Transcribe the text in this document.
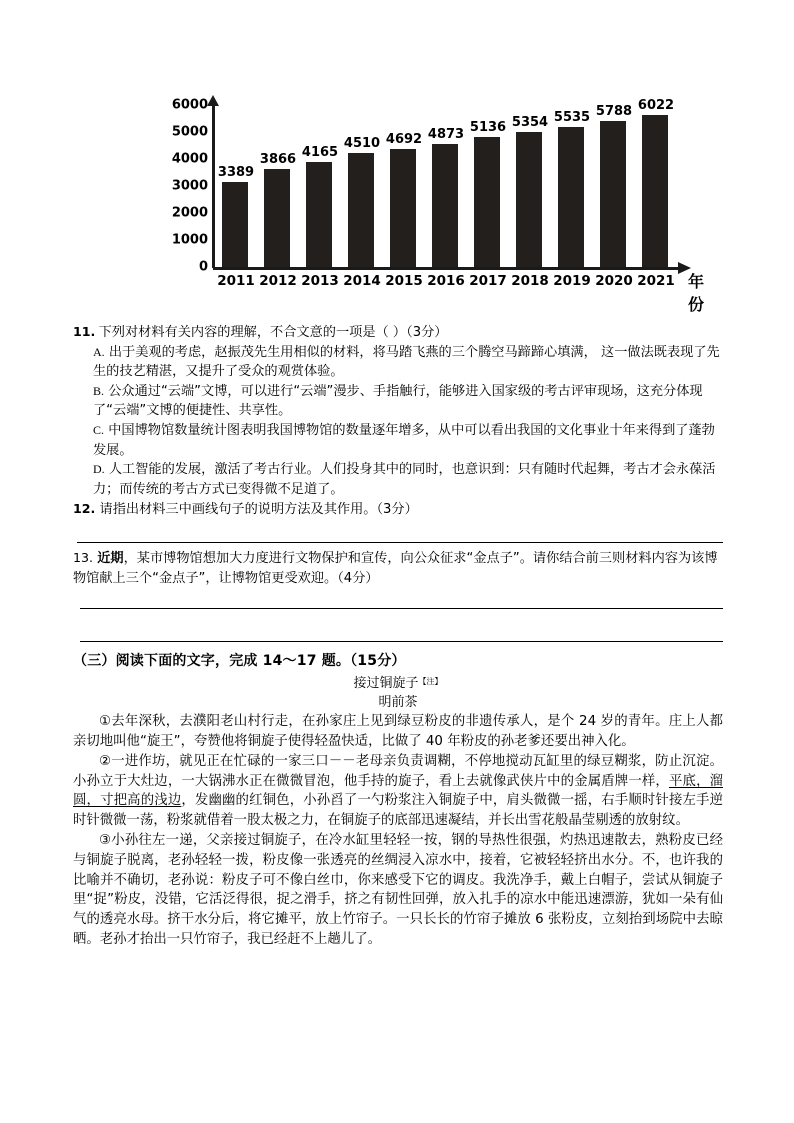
0
1000
2000
3000
4000
5000
6000
3389
3866
4165
4510 4692 4873 5136 5354 5535 5788 6022
2011 2012 2013 2014 2015 2016 2017 2018 2019 2020 2021 年份

11. 下列对材料有关内容的理解，不合文意的一项是（ ）（3分）

A. 出于美观的考虑，赵振茂先生用相似的材料，将马踏飞燕的三个腾空马蹄蹄心填满， 这一做法既表现了先生的技艺精湛，又提升了受众的观赏体验。

B. 公众通过“云端”文博，可以进行“云端”漫步、手指触行，能够进入国家级的考古评审现场，这充分体现了“云端”文博的便捷性、共享性。

C. 中国博物馆数量统计图表明我国博物馆的数量逐年增多，从中可以看出我国的文化事业十年来得到了蓬勃发展。

D. 人工智能的发展，激活了考古行业。人们投身其中的同时，也意识到：只有随时代起舞，考古才会永葆活力；而传统的考古方式已变得微不足道了。

12. 请指出材料三中画线句子的说明方法及其作用。（3分）

13. 近期，某市博物馆想加大力度进行文物保护和宣传，向公众征求“金点子”。请你结合前三则材料内容为该博物馆献上三个“金点子”，让博物馆更受欢迎。（4分）

（三）阅读下面的文字，完成 14～17 题。（15分）

接过铜旋子$^{【注】}$

明前茶

①去年深秋，去濮阳老山村行走，在孙家庄上见到绿豆粉皮的非遗传承人，是个 24 岁的青年。庄上人都亲切地叫他“旋王”，夸赞他将铜旋子使得轻盈快适，比做了 40 年粉皮的孙老爹还要出神入化。

②一进作坊，就见正在忙碌的一家三口－－老母亲负责调糊，不停地搅动瓦缸里的绿豆糊浆，防止沉淀。小孙立于大灶边，一大锅沸水正在微微冒泡，他手持的旋子，看上去就像武侠片中的金属盾牌一样，平底，溜圆，寸把高的浅边，发幽幽的红铜色，小孙舀了一勺粉浆注入铜旋子中，肩头微微一摇，右手顺时针接左手逆时针微微一荡，粉浆就借着一股太极之力，在铜旋子的底部迅速凝结，并长出雪花般晶莹剔透的放射纹。

③小孙往左一递，父亲接过铜旋子，在冷水缸里轻轻一按，钢的导热性很强，灼热迅速散去，熟粉皮已经与铜旋子脱离，老孙轻轻一拨，粉皮像一张透亮的丝绸浸入凉水中，接着，它被轻轻挤出水分。不，也许我的比喻并不确切，老孙说：粉皮子可不像白丝巾，你来感受下它的调皮。我洗净手，戴上白帽子，尝试从铜旋子里“捉”粉皮，没错，它活泛得很，捉之滑手，挤之有韧性回弹，放入扎手的凉水中能迅速漂游，犹如一朵有仙气的透亮水母。挤干水分后，将它摊平，放上竹帘子。一只长长的竹帘子摊放 6 张粉皮，立刻抬到场院中去晾晒。老孙才抬出一只竹帘子，我已经赶不上趟儿了。
